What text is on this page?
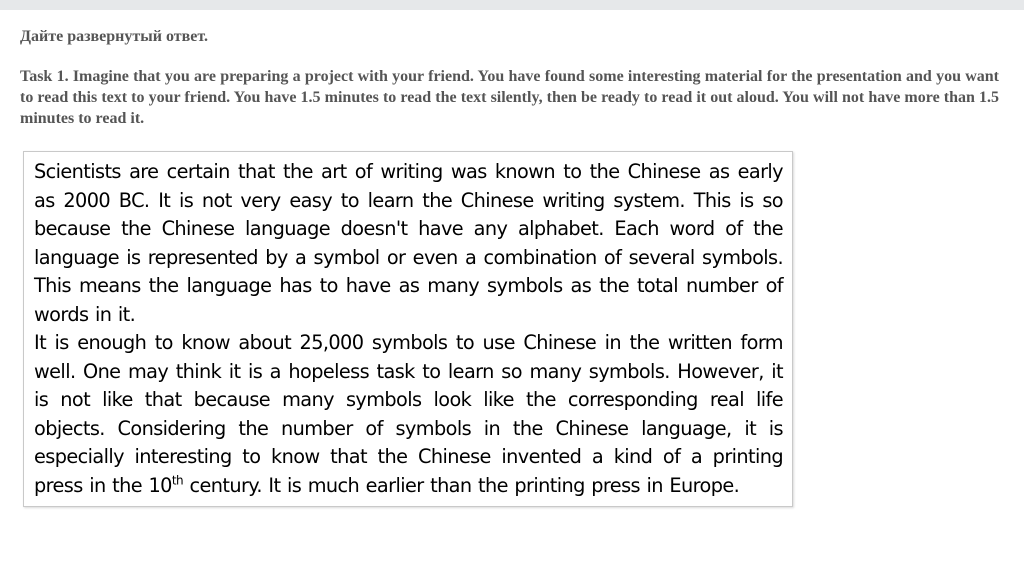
Дайте развернутый ответ.
Task 1. Imagine that you are preparing a project with your friend. You have found some interesting material for the presentation and you want to read this text to your friend. You have 1.5 minutes to read the text silently, then be ready to read it out aloud. You will not have more than 1.5 minutes to read it.

Scientists are certain that the art of writing was known to the Chinese as early as 2000 BC. It is not very easy to learn the Chinese writing system. This is so because the Chinese language doesn't have any alphabet. Each word of the language is represented by a symbol or even a combination of several symbols. This means the language has to have as many symbols as the total number of words in it.
It is enough to know about 25,000 symbols to use Chinese in the written form well. One may think it is a hopeless task to learn so many symbols. However, it is not like that because many symbols look like the corresponding real life objects. Considering the number of symbols in the Chinese language, it is especially interesting to know that the Chinese invented a kind of a printing press in the 10th century. It is much earlier than the printing press in Europe.
